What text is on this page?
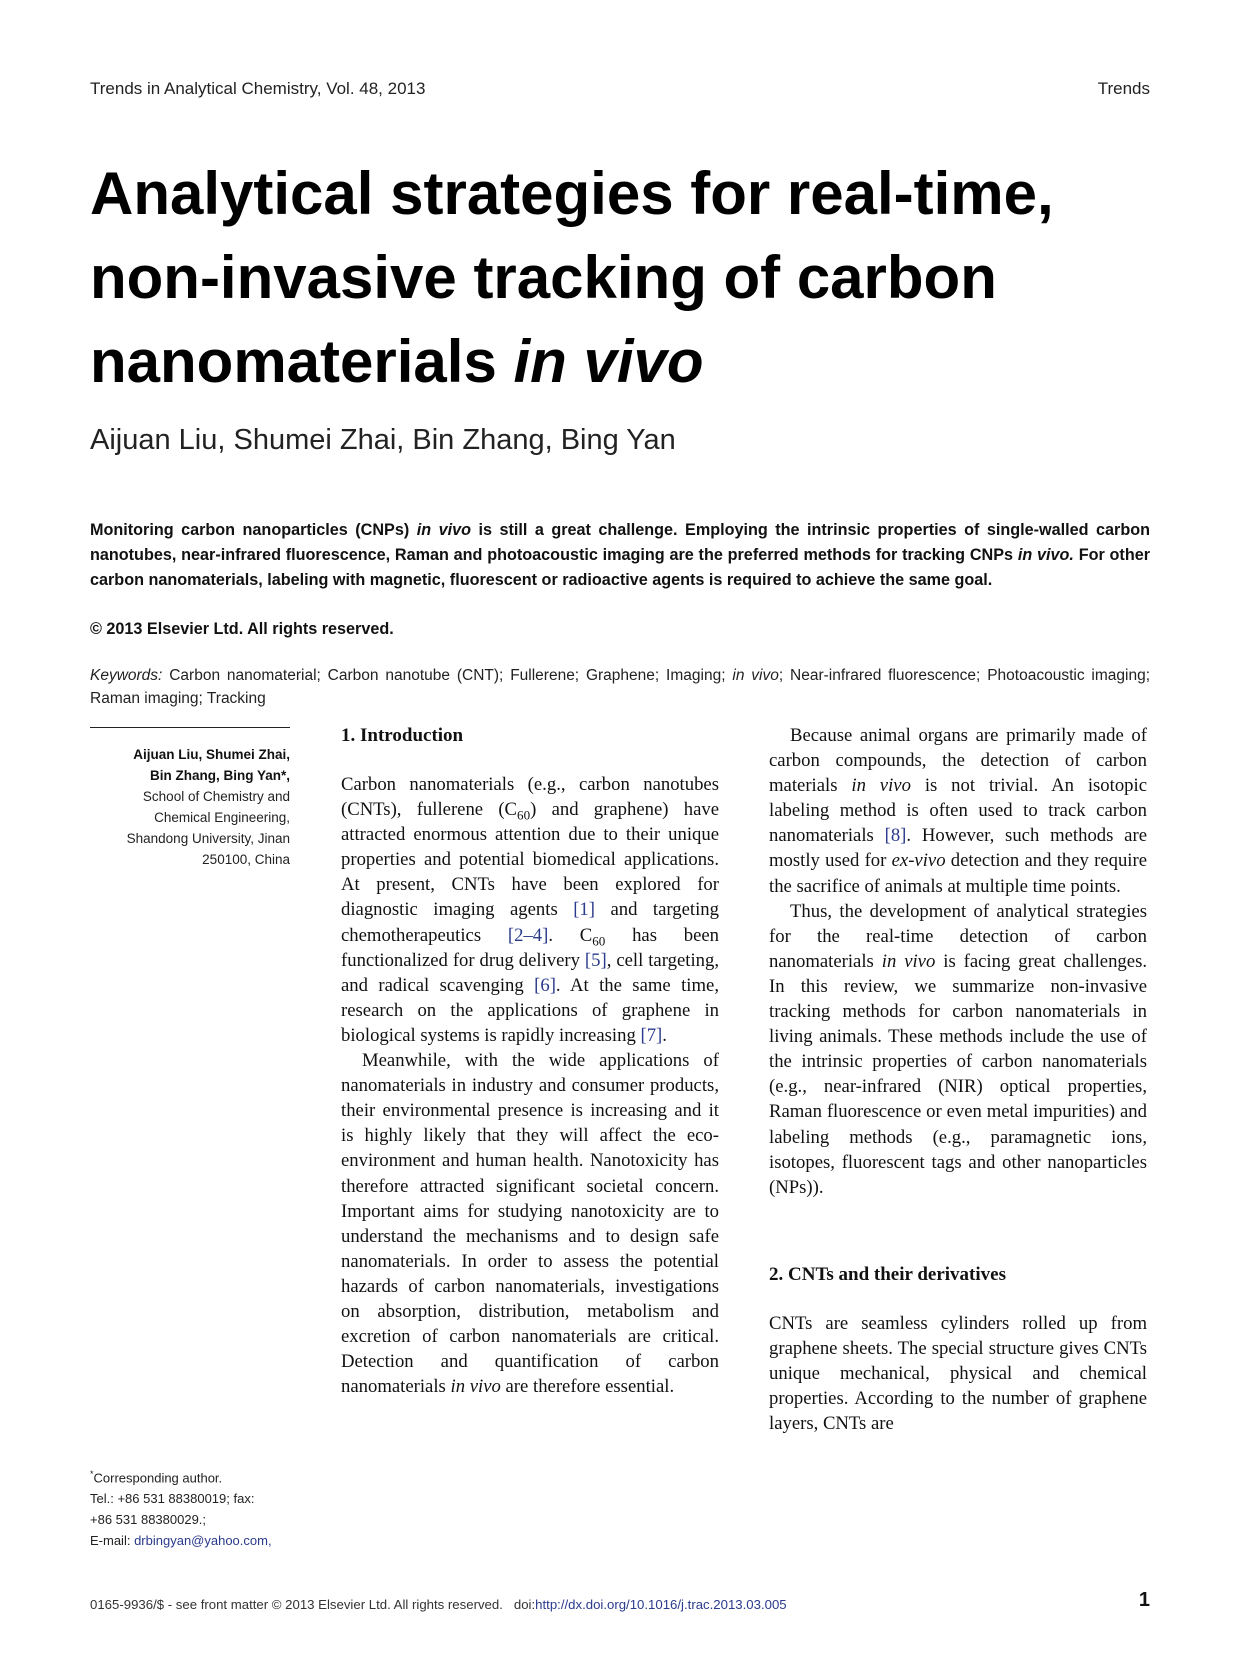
Trends in Analytical Chemistry, Vol. 48, 2013	Trends
Analytical strategies for real-time,
non-invasive tracking of carbon
nanomaterials in vivo
Aijuan Liu, Shumei Zhai, Bin Zhang, Bing Yan
Monitoring carbon nanoparticles (CNPs) in vivo is still a great challenge. Employing the intrinsic properties of single-walled carbon nanotubes, near-infrared fluorescence, Raman and photoacoustic imaging are the preferred methods for tracking CNPs in vivo. For other carbon nanomaterials, labeling with magnetic, fluorescent or radioactive agents is required to achieve the same goal.
© 2013 Elsevier Ltd. All rights reserved.
Keywords: Carbon nanomaterial; Carbon nanotube (CNT); Fullerene; Graphene; Imaging; in vivo; Near-infrared fluorescence; Photoacoustic imaging; Raman imaging; Tracking
Aijuan Liu, Shumei Zhai,
Bin Zhang, Bing Yan*,
School of Chemistry and
Chemical Engineering,
Shandong University, Jinan
250100, China
*Corresponding author.
Tel.: +86 531 88380019; fax:
+86 531 88380029.;
E-mail: drbingyan@yahoo.com,
1. Introduction

Carbon nanomaterials (e.g., carbon nanotubes (CNTs), fullerene $(C_{60})$ and graphene) have attracted enormous attention due to their unique properties and potential biomedical applications. At present, CNTs have been explored for diagnostic imaging agents [1] and targeting chemotherapeutics [2–4]. $C_{60}$ has been functionalized for drug delivery [5], cell targeting, and radical scavenging [6]. At the same time, research on the applications of graphene in biological systems is rapidly increasing [7].

Meanwhile, with the wide applications of nanomaterials in industry and consumer products, their environmental presence is increasing and it is highly likely that they will affect the eco-environment and human health. Nanotoxicity has therefore attracted significant societal concern. Important aims for studying nanotoxicity are to understand the mechanisms and to design safe nanomaterials. In order to assess the potential hazards of carbon nanomaterials, investigations on absorption, distribution, metabolism and excretion of carbon nanomaterials are critical. Detection and quantification of carbon nanomaterials in vivo are therefore essential.

Because animal organs are primarily made of carbon compounds, the detection of carbon materials in vivo is not trivial. An isotopic labeling method is often used to track carbon nanomaterials [8]. However, such methods are mostly used for ex-vivo detection and they require the sacrifice of animals at multiple time points.

Thus, the development of analytical strategies for the real-time detection of carbon nanomaterials in vivo is facing great challenges. In this review, we summarize non-invasive tracking methods for carbon nanomaterials in living animals. These methods include the use of the intrinsic properties of carbon nanomaterials (e.g., near-infrared (NIR) optical properties, Raman fluorescence or even metal impurities) and labeling methods (e.g., paramagnetic ions, isotopes, fluorescent tags and other nanoparticles (NPs)).

2. CNTs and their derivatives

CNTs are seamless cylinders rolled up from graphene sheets. The special structure gives CNTs unique mechanical, physical and chemical properties. According to the number of graphene layers, CNTs are

0165-9936/$ - see front matter © 2013 Elsevier Ltd. All rights reserved. doi:http://dx.doi.org/10.1016/j.trac.2013.03.005	1
